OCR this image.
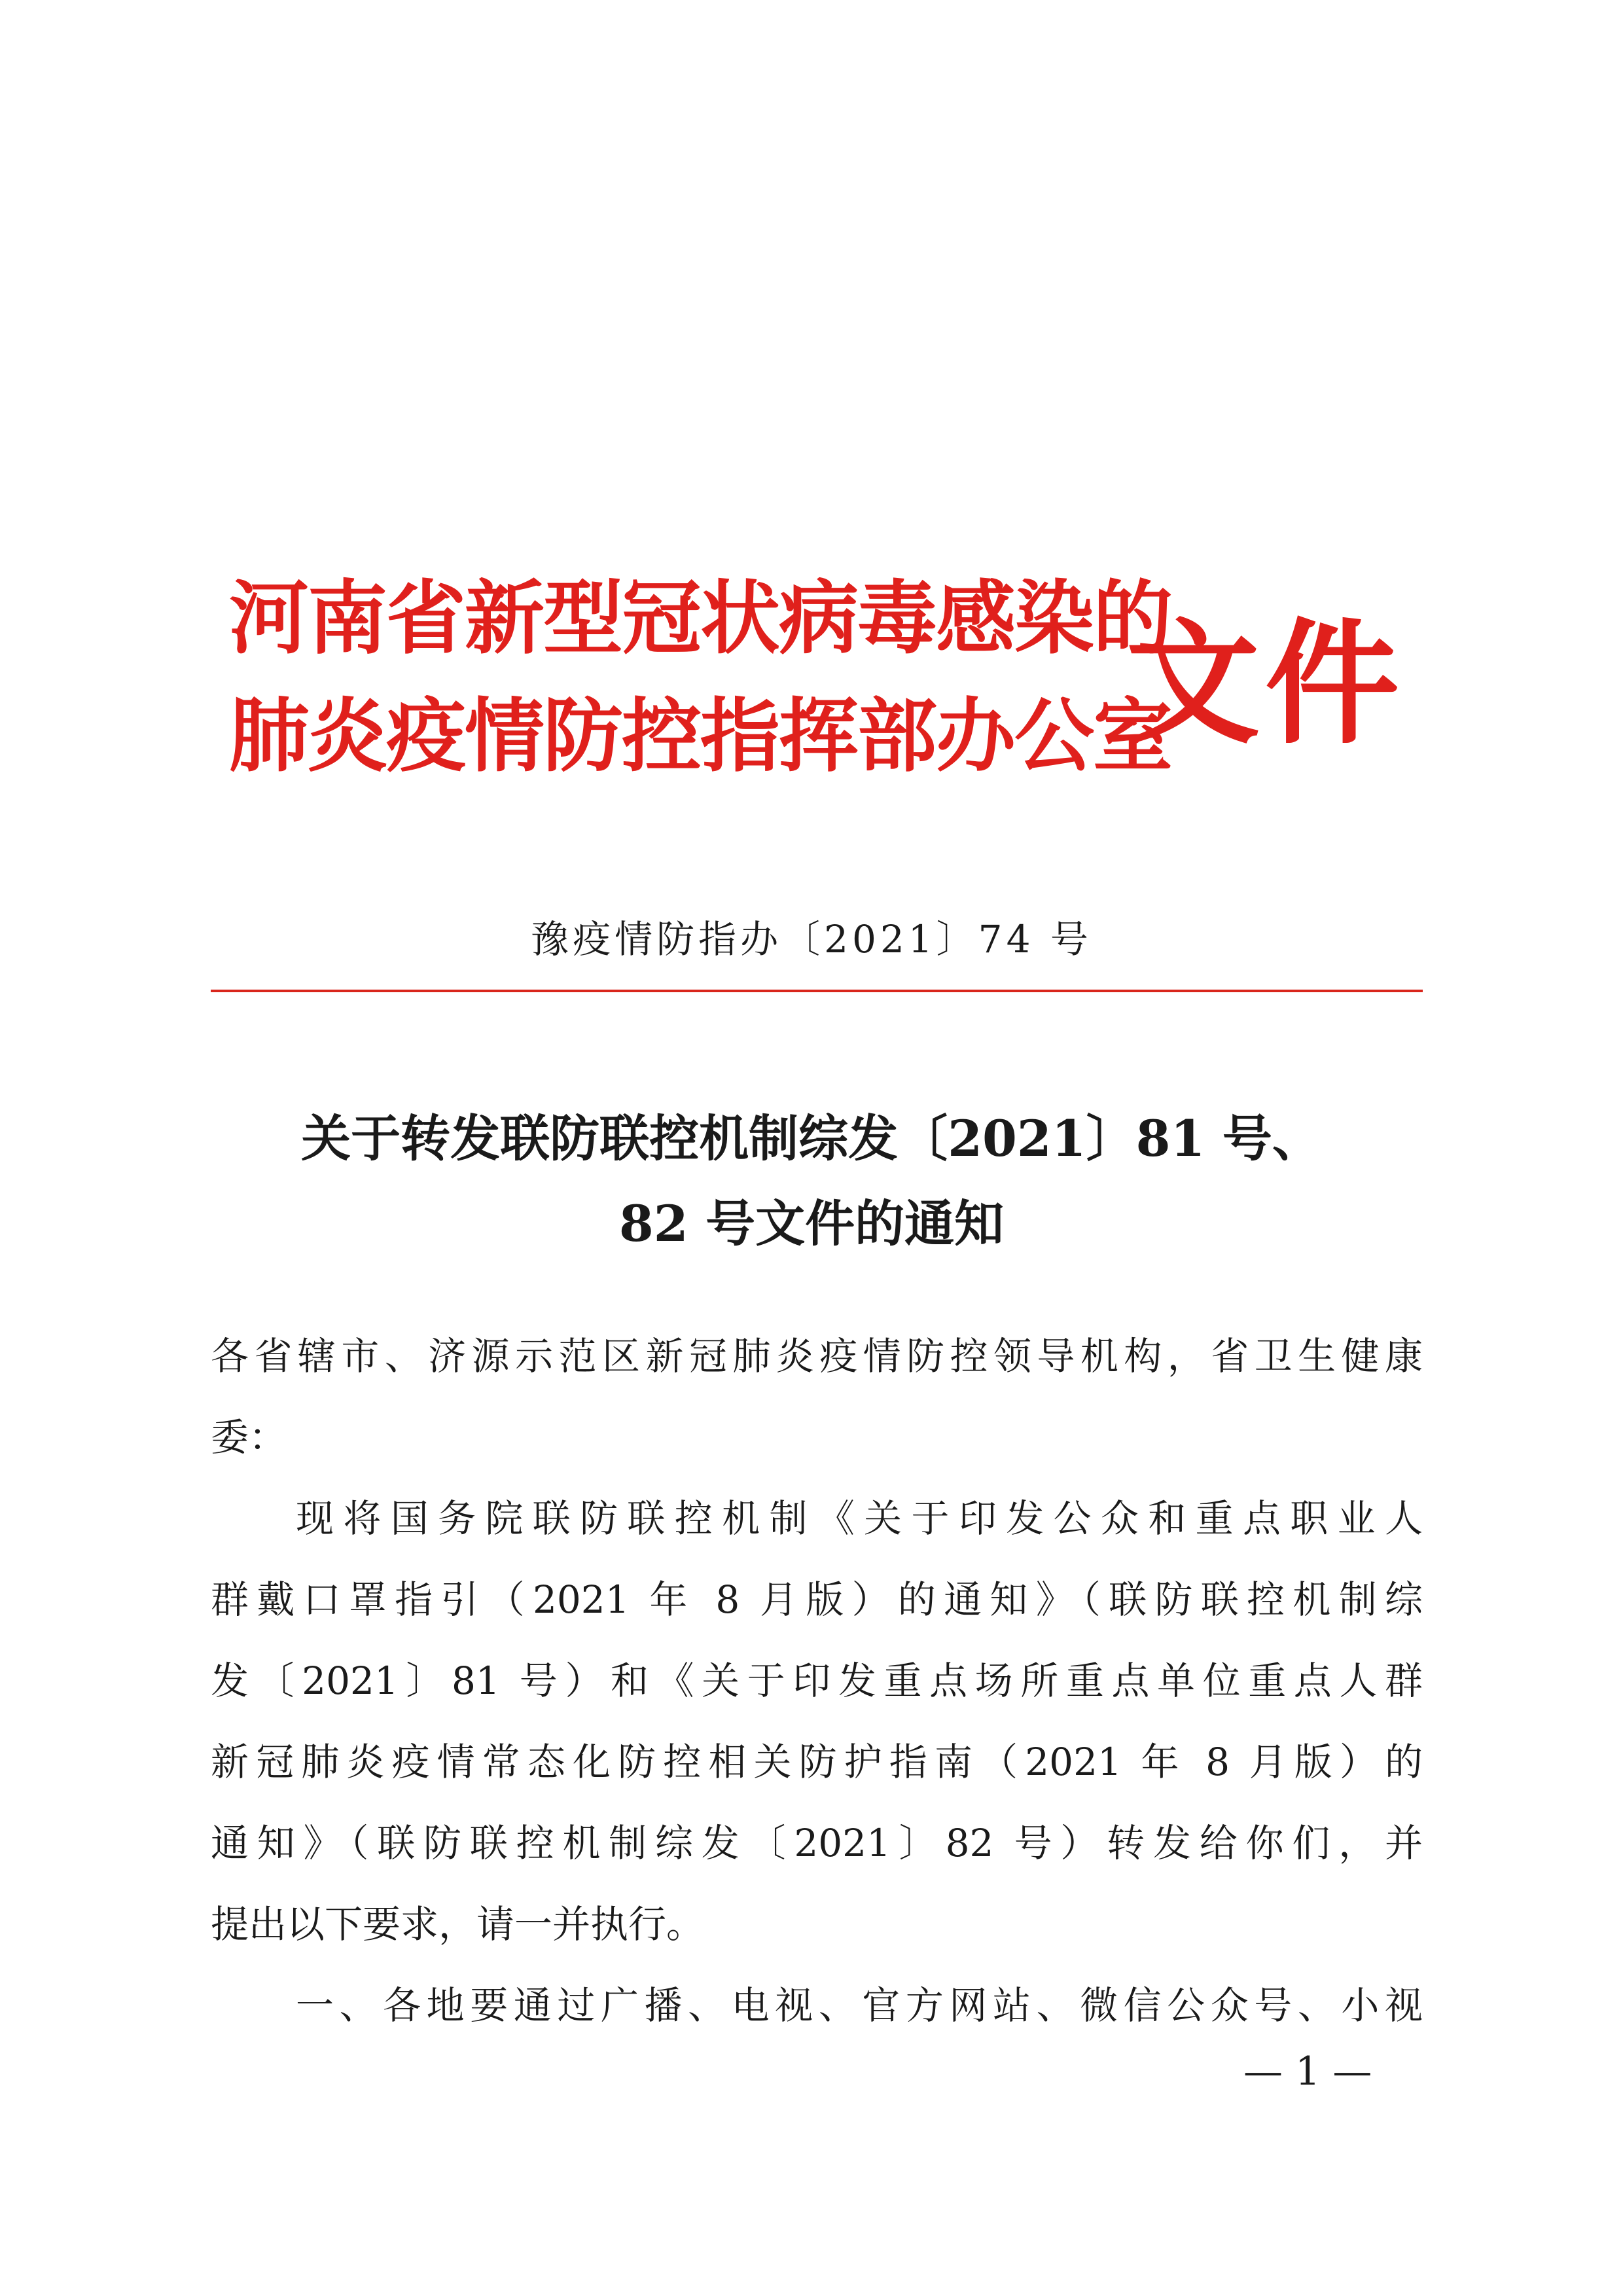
河南省新型冠状病毒感染的
肺炎疫情防控指挥部办公室
文件
豫疫情防指办〔2021〕74 号
关于转发联防联控机制综发〔2021〕81 号、
82 号文件的通知
各省辖市、济源示范区新冠肺炎疫情防控领导机构，省卫生健康
委：
现将国务院联防联控机制《关于印发公众和重点职业人
群戴口罩指引（2021 年 8 月版）的通知》（联防联控机制综
发〔2021〕81 号）和《关于印发重点场所重点单位重点人群
新冠肺炎疫情常态化防控相关防护指南（2021 年 8 月版）的
通知》（联防联控机制综发〔2021〕82 号）转发给你们，并
提出以下要求，请一并执行。
一、各地要通过广播、电视、官方网站、微信公众号、小视
— 1 —
